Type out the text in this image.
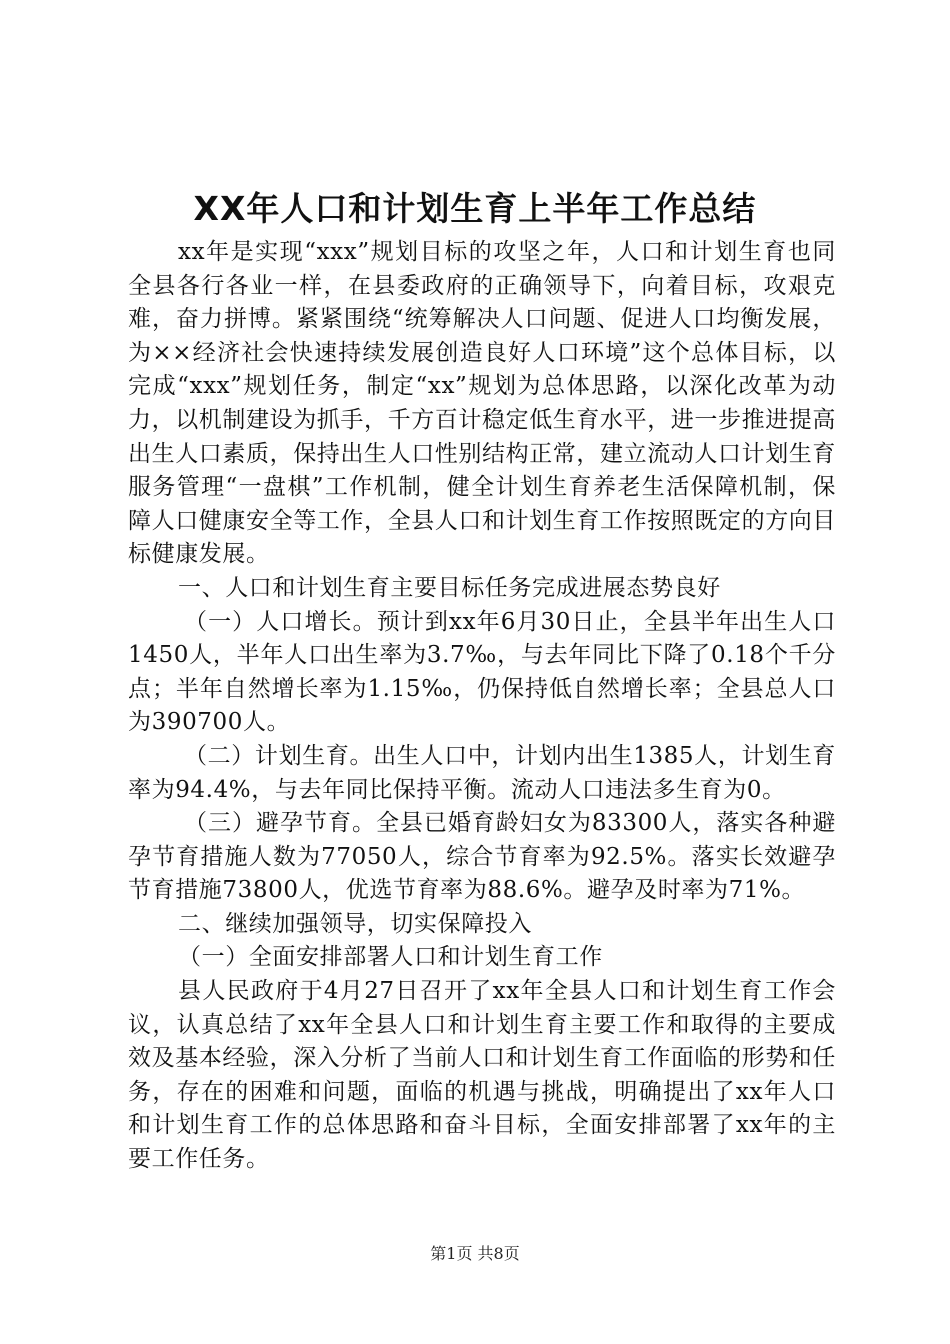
XX年人口和计划生育上半年工作总结

xx年是实现“xxx”规划目标的攻坚之年，人口和计划生育也同全县各行各业一样，在县委政府的正确领导下，向着目标，攻艰克难，奋力拼博。紧紧围绕“统筹解决人口问题、促进人口均衡发展，为××经济社会快速持续发展创造良好人口环境”这个总体目标，以完成“xxx”规划任务，制定“xx”规划为总体思路，以深化改革为动力，以机制建设为抓手，千方百计稳定低生育水平，进一步推进提高出生人口素质，保持出生人口性别结构正常，建立流动人口计划生育服务管理“一盘棋”工作机制，健全计划生育养老生活保障机制，保障人口健康安全等工作，全县人口和计划生育工作按照既定的方向目标健康发展。

一、人口和计划生育主要目标任务完成进展态势良好

（一）人口增长。预计到xx年6月30日止，全县半年出生人口1450人，半年人口出生率为3.7‰，与去年同比下降了0.18个千分点；半年自然增长率为1.15‰，仍保持低自然增长率；全县总人口为390700人。

（二）计划生育。出生人口中，计划内出生1385人，计划生育率为94.4%，与去年同比保持平衡。流动人口违法多生育为0。

（三）避孕节育。全县已婚育龄妇女为83300人，落实各种避孕节育措施人数为77050人，综合节育率为92.5%。落实长效避孕节育措施73800人，优选节育率为88.6%。避孕及时率为71%。

二、继续加强领导，切实保障投入

（一）全面安排部署人口和计划生育工作

县人民政府于4月27日召开了xx年全县人口和计划生育工作会议，认真总结了xx年全县人口和计划生育主要工作和取得的主要成效及基本经验，深入分析了当前人口和计划生育工作面临的形势和任务，存在的困难和问题，面临的机遇与挑战，明确提出了xx年人口和计划生育工作的总体思路和奋斗目标，全面安排部署了xx年的主要工作任务。

第1页 共8页
